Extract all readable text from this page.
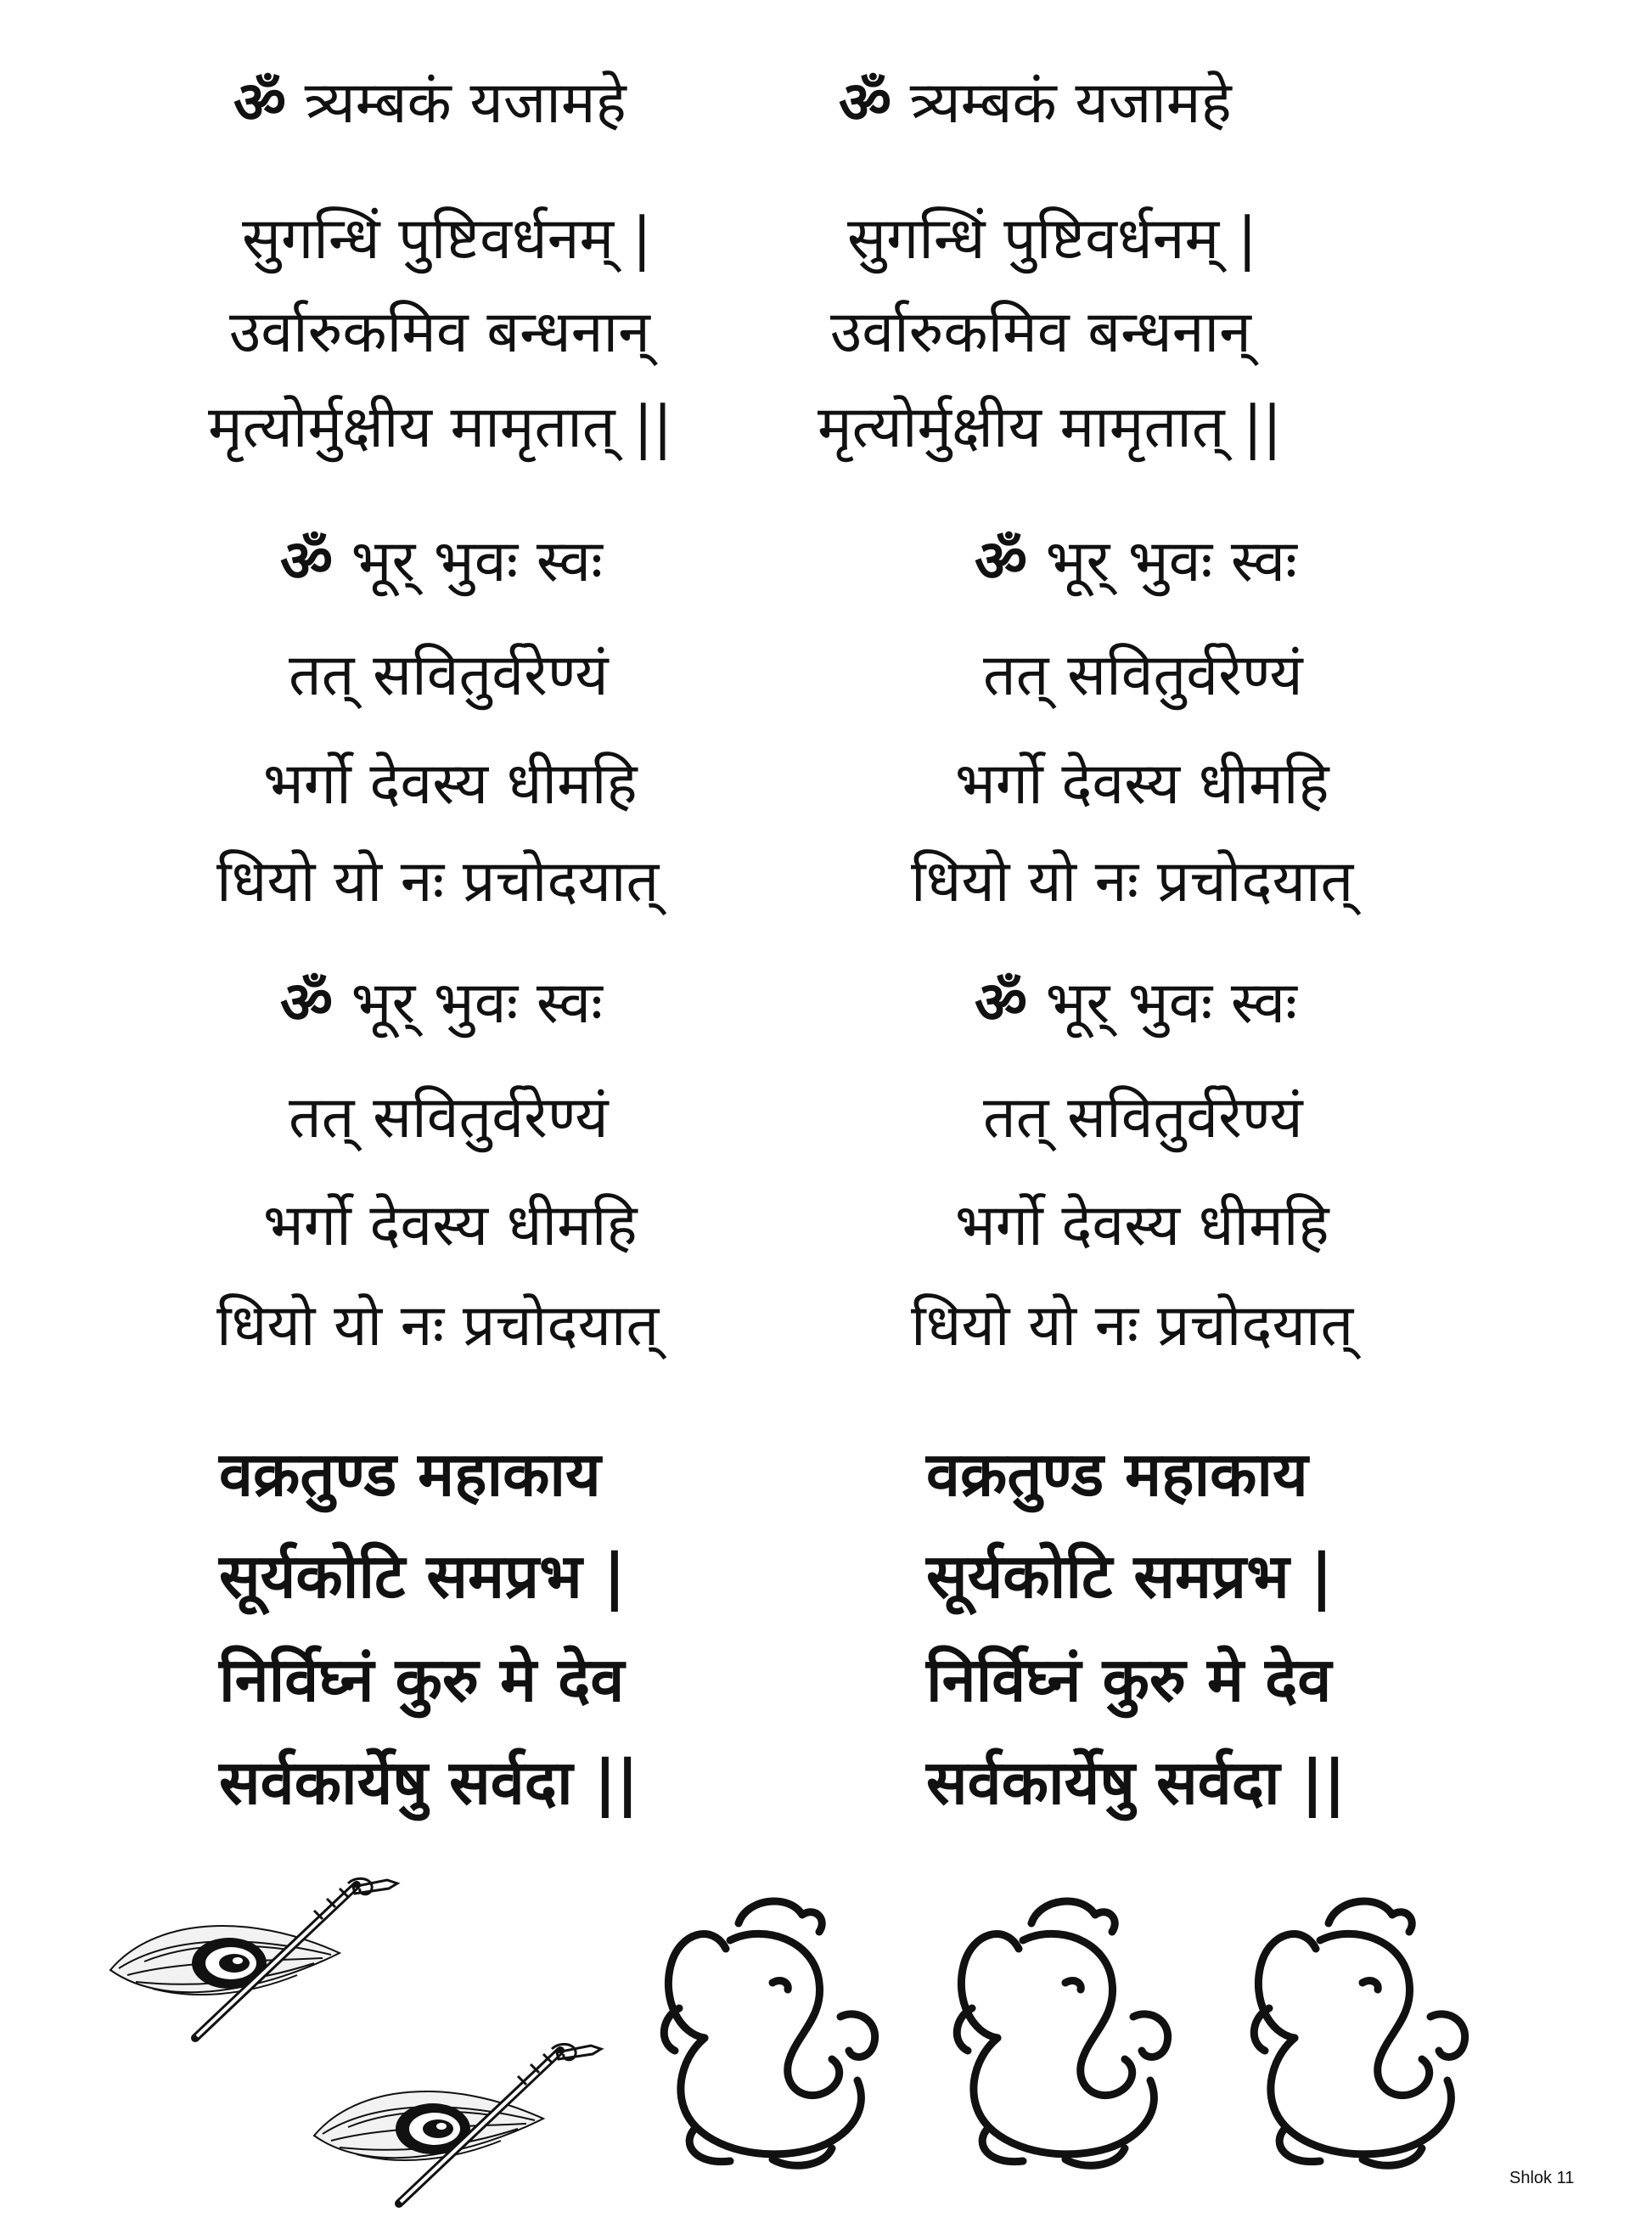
ॐ त्र्यम्बकं यजामहे
सुगन्धिं पुष्टिवर्धनम् |
उर्वारुकमिव बन्धनान्
मृत्योर्मुक्षीय मामृतात् ||
ॐ भूर् भुवः स्वः
तत् सवितुर्वरेण्यं
भर्गो देवस्य धीमहि
धियो यो नः प्रचोदयात्
ॐ भूर् भुवः स्वः
तत् सवितुर्वरेण्यं
भर्गो देवस्य धीमहि
धियो यो नः प्रचोदयात्
वक्रतुण्ड महाकाय
सूर्यकोटि समप्रभ |
निर्विघ्नं कुरु मे देव
सर्वकार्येषु सर्वदा ||
ॐ त्र्यम्बकं यजामहे
सुगन्धिं पुष्टिवर्धनम् |
उर्वारुकमिव बन्धनान्
मृत्योर्मुक्षीय मामृतात् ||
ॐ भूर् भुवः स्वः
तत् सवितुर्वरेण्यं
भर्गो देवस्य धीमहि
धियो यो नः प्रचोदयात्
ॐ भूर् भुवः स्वः
तत् सवितुर्वरेण्यं
भर्गो देवस्य धीमहि
धियो यो नः प्रचोदयात्
वक्रतुण्ड महाकाय
सूर्यकोटि समप्रभ |
निर्विघ्नं कुरु मे देव
सर्वकार्येषु सर्वदा ||
Shlok 11
